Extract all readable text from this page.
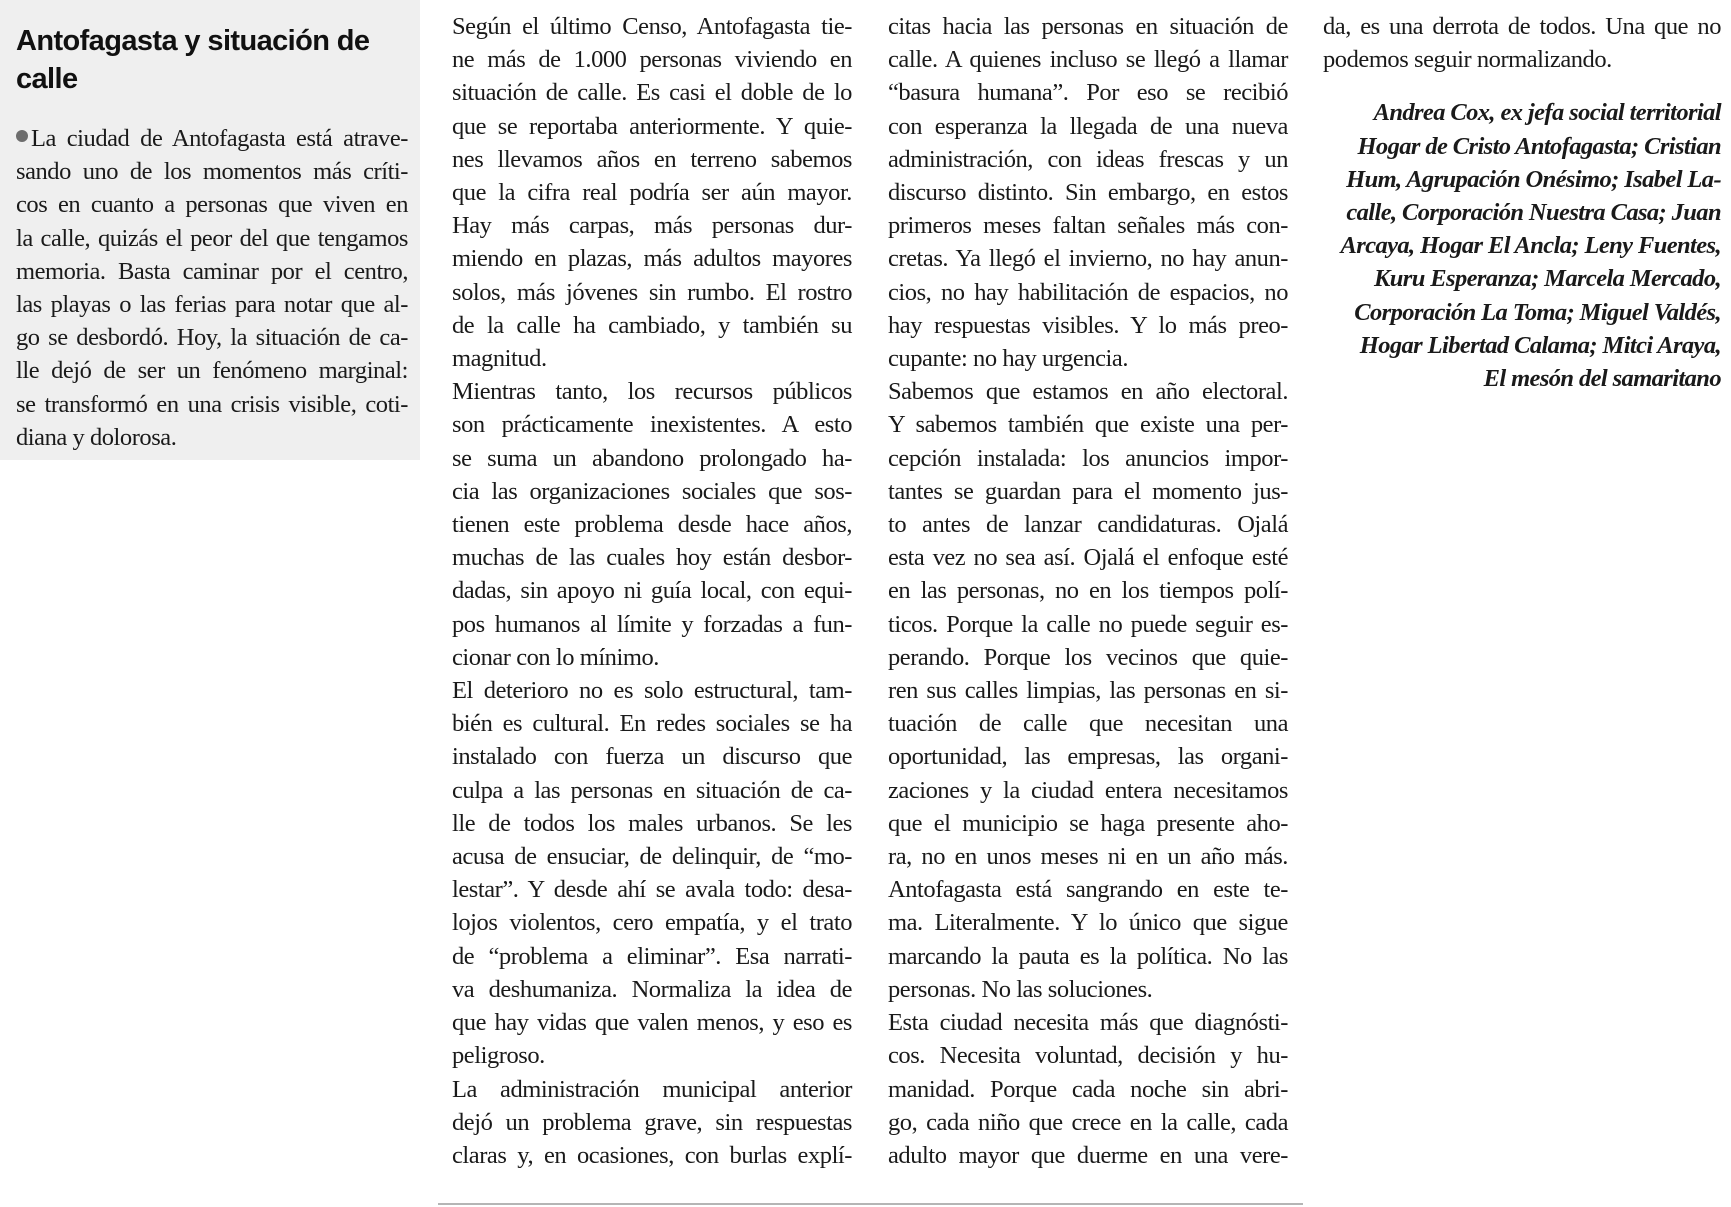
Antofagasta y situación de calle
La ciudad de Antofagasta está atrave-
sando uno de los momentos más críti-
cos en cuanto a personas que viven en
la calle, quizás el peor del que tengamos
memoria. Basta caminar por el centro,
las playas o las ferias para notar que al-
go se desbordó. Hoy, la situación de ca-
lle dejó de ser un fenómeno marginal:
se transformó en una crisis visible, coti-
diana y dolorosa.
Según el último Censo, Antofagasta tie-
ne más de 1.000 personas viviendo en
situación de calle. Es casi el doble de lo
que se reportaba anteriormente. Y quie-
nes llevamos años en terreno sabemos
que la cifra real podría ser aún mayor.
Hay más carpas, más personas dur-
miendo en plazas, más adultos mayores
solos, más jóvenes sin rumbo. El rostro
de la calle ha cambiado, y también su
magnitud.
Mientras tanto, los recursos públicos
son prácticamente inexistentes. A esto
se suma un abandono prolongado ha-
cia las organizaciones sociales que sos-
tienen este problema desde hace años,
muchas de las cuales hoy están desbor-
dadas, sin apoyo ni guía local, con equi-
pos humanos al límite y forzadas a fun-
cionar con lo mínimo.
El deterioro no es solo estructural, tam-
bién es cultural. En redes sociales se ha
instalado con fuerza un discurso que
culpa a las personas en situación de ca-
lle de todos los males urbanos. Se les
acusa de ensuciar, de delinquir, de “mo-
lestar”. Y desde ahí se avala todo: desa-
lojos violentos, cero empatía, y el trato
de “problema a eliminar”. Esa narrati-
va deshumaniza. Normaliza la idea de
que hay vidas que valen menos, y eso es
peligroso.
La administración municipal anterior
dejó un problema grave, sin respuestas
claras y, en ocasiones, con burlas explí-
citas hacia las personas en situación de
calle. A quienes incluso se llegó a llamar
“basura humana”. Por eso se recibió
con esperanza la llegada de una nueva
administración, con ideas frescas y un
discurso distinto. Sin embargo, en estos
primeros meses faltan señales más con-
cretas. Ya llegó el invierno, no hay anun-
cios, no hay habilitación de espacios, no
hay respuestas visibles. Y lo más preo-
cupante: no hay urgencia.
Sabemos que estamos en año electoral.
Y sabemos también que existe una per-
cepción instalada: los anuncios impor-
tantes se guardan para el momento jus-
to antes de lanzar candidaturas. Ojalá
esta vez no sea así. Ojalá el enfoque esté
en las personas, no en los tiempos polí-
ticos. Porque la calle no puede seguir es-
perando. Porque los vecinos que quie-
ren sus calles limpias, las personas en si-
tuación de calle que necesitan una
oportunidad, las empresas, las organi-
zaciones y la ciudad entera necesitamos
que el municipio se haga presente aho-
ra, no en unos meses ni en un año más.
Antofagasta está sangrando en este te-
ma. Literalmente. Y lo único que sigue
marcando la pauta es la política. No las
personas. No las soluciones.
Esta ciudad necesita más que diagnósti-
cos. Necesita voluntad, decisión y hu-
manidad. Porque cada noche sin abri-
go, cada niño que crece en la calle, cada
adulto mayor que duerme en una vere-
da, es una derrota de todos. Una que no
podemos seguir normalizando.
Andrea Cox, ex jefa social territorial
Hogar de Cristo Antofagasta; Cristian
Hum, Agrupación Onésimo; Isabel La-
calle, Corporación Nuestra Casa; Juan
Arcaya, Hogar El Ancla; Leny Fuentes,
Kuru Esperanza; Marcela Mercado,
Corporación La Toma; Miguel Valdés,
Hogar Libertad Calama; Mitci Araya,
El mesón del samaritano
